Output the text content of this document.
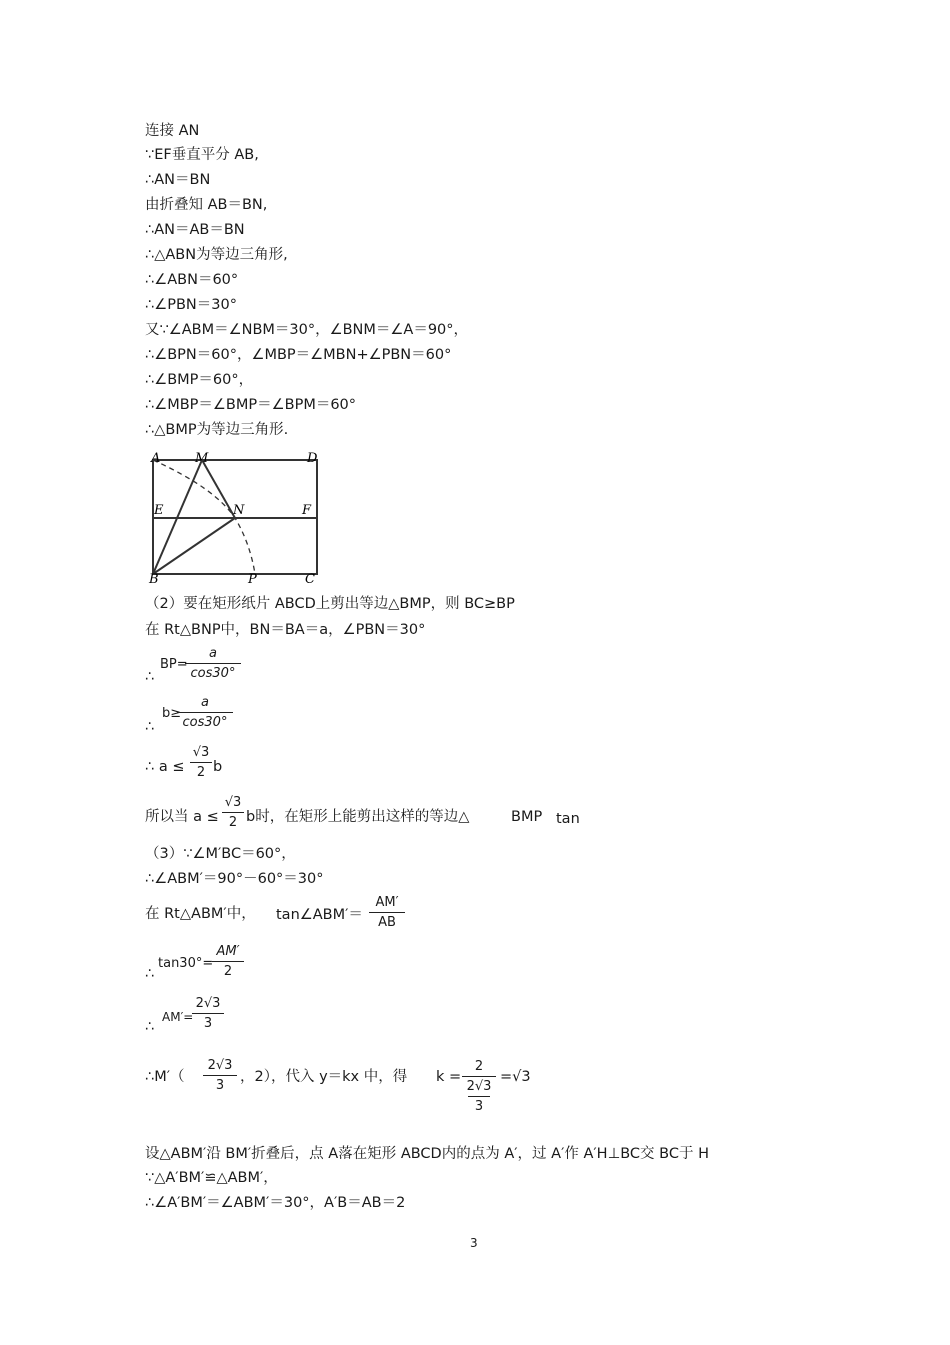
连接 AN
∵EF垂直平分 AB,
∴AN＝BN
由折叠知 AB＝BN,
∴AN＝AB＝BN
∴△ABN为等边三角形,
∴∠ABN＝60°
∴∠PBN＝30°
又∵∠ABM＝∠NBM＝30°，∠BNM＝∠A＝90°，
∴∠BPN＝60°，∠MBP＝∠MBN+∠PBN＝60°
∴∠BMP＝60°，
∴∠MBP＝∠BMP＝∠BPM＝60°
∴△BMP为等边三角形.
A	M	D
E	N	F
B	P	C
（2）要在矩形纸片 ABCD上剪出等边△BMP，则 BC≥BP
在 Rt△BNP中，BN＝BA＝a，∠PBN＝30°
∴
BP=
a
cos30°
∴
b≥
a
cos30°
∴ a ≤
√3
2 b
所以当 a ≤
√3
2 b时，在矩形上能剪出这样的等边△	BMP tan
（3）∵∠M′BC＝60°，
∴∠ABM′＝90°－60°＝30°
在 Rt△ABM′中， tan∠ABM′＝
AM′
AB
∴
tan30°=
AM′
2
∴
AM′=
2√3
3
∴M′（
2√3
3
，2），代入 y＝kx 中，得 k =
2
2√3
3
=√3
设△ABM′沿 BM′折叠后，点 A落在矩形 ABCD内的点为 A′，过 A′作 A′H⊥BC交 BC于 H
∵△A′BM′≌△ABM′，
∴∠A′BM′＝∠ABM′＝30°，A′B＝AB＝2
3
